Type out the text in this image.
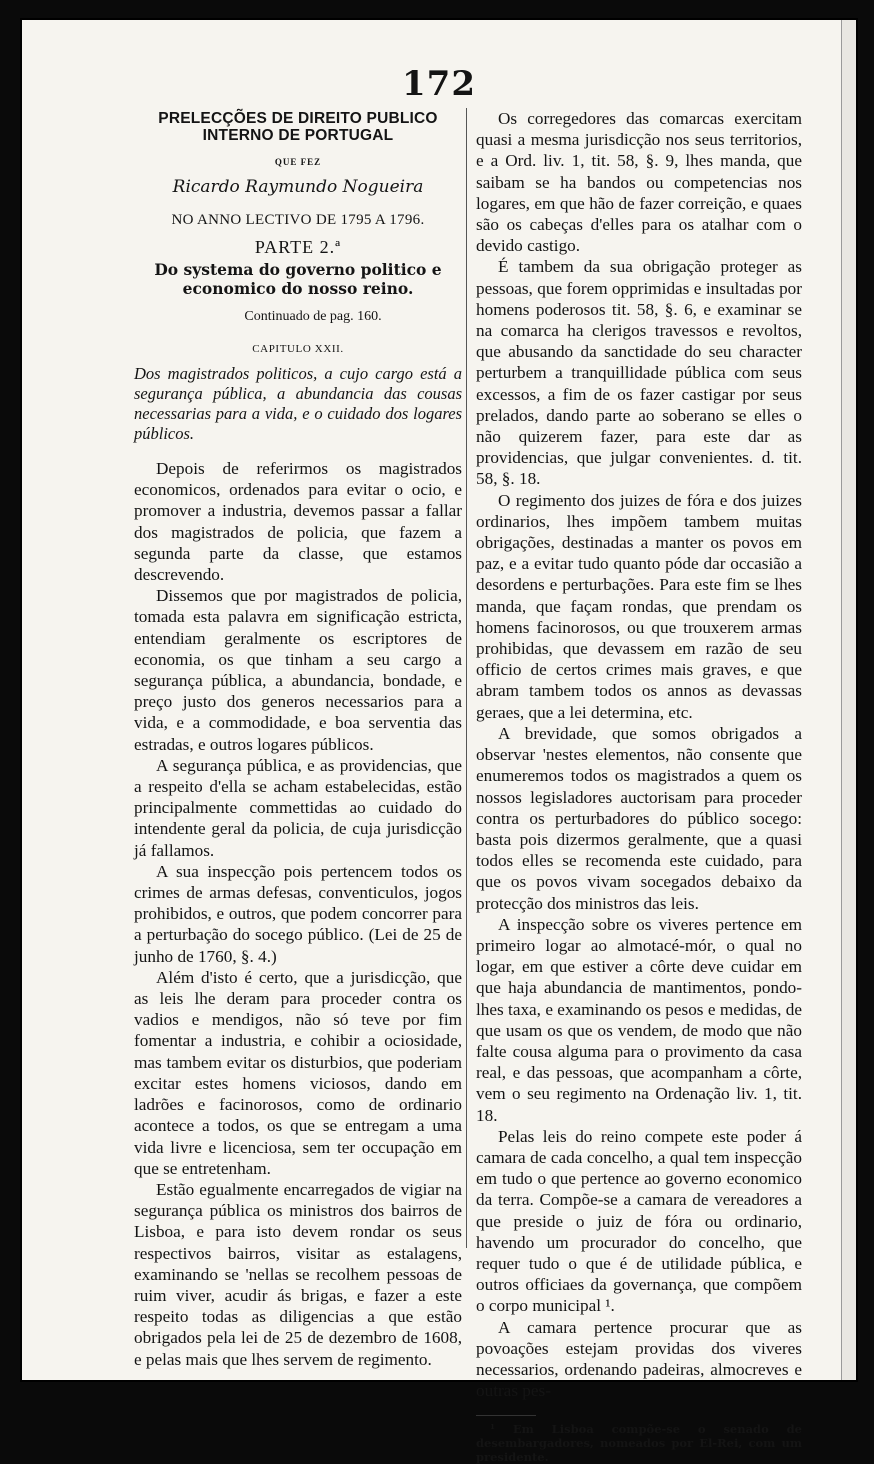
172
PRELECÇÕES DE DIREITO PUBLICO INTERNO DE PORTUGAL
QUE FEZ
Ricardo Raymundo Nogueira
NO ANNO LECTIVO DE 1795 A 1796.
PARTE 2.ª
Do systema do governo politico e economico do nosso reino.
Continuado de pag. 160.
CAPITULO XXII.
Dos magistrados politicos, a cujo cargo está a segurança pública, a abundancia das cousas necessarias para a vida, e o cuidado dos logares públicos.

Depois de referirmos os magistrados economicos, ordenados para evitar o ocio, e promover a industria, devemos passar a fallar dos magistrados de policia, que fazem a segunda parte da classe, que estamos descrevendo.

Dissemos que por magistrados de policia, tomada esta palavra em significação estricta, entendiam geralmente os escriptores de economia, os que tinham a seu cargo a segurança pública, a abundancia, bondade, e preço justo dos generos necessarios para a vida, e a commodidade, e boa serventia das estradas, e outros logares públicos.

A segurança pública, e as providencias, que a respeito d'ella se acham estabelecidas, estão principalmente commettidas ao cuidado do intendente geral da policia, de cuja jurisdicção já fallamos.

A sua inspecção pois pertencem todos os crimes de armas defesas, conventiculos, jogos prohibidos, e outros, que podem concorrer para a perturbação do socego público. (Lei de 25 de junho de 1760, §. 4.)

Além d'isto é certo, que a jurisdicção, que as leis lhe deram para proceder contra os vadios e mendigos, não só teve por fim fomentar a industria, e cohibir a ociosidade, mas tambem evitar os disturbios, que poderiam excitar estes homens viciosos, dando em ladrões e facinorosos, como de ordinario acontece a todos, os que se entregam a uma vida livre e licenciosa, sem ter occupação em que se entretenham.

Estão egualmente encarregados de vigiar na segurança pública os ministros dos bairros de Lisboa, e para isto devem rondar os seus respectivos bairros, visitar as estalagens, examinando se 'nellas se recolhem pessoas de ruim viver, acudir ás brigas, e fazer a este respeito todas as diligencias a que estão obrigados pela lei de 25 de dezembro de 1608, e pelas mais que lhes servem de regimento.

Os corregedores das comarcas exercitam quasi a mesma jurisdicção nos seus territorios, e a Ord. liv. 1, tit. 58, §. 9, lhes manda, que saibam se ha bandos ou competencias nos logares, em que hão de fazer correição, e quaes são os cabeças d'elles para os atalhar com o devido castigo.

É tambem da sua obrigação proteger as pessoas, que forem opprimidas e insultadas por homens poderosos tit. 58, §. 6, e examinar se na comarca ha clerigos travessos e revoltos, que abusando da sanctidade do seu character perturbem a tranquillidade pública com seus excessos, a fim de os fazer castigar por seus prelados, dando parte ao soberano se elles o não quizerem fazer, para este dar as providencias, que julgar convenientes. d. tit. 58, §. 18.

O regimento dos juizes de fóra e dos juizes ordinarios, lhes impõem tambem muitas obrigações, destinadas a manter os povos em paz, e a evitar tudo quanto póde dar occasião a desordens e perturbações. Para este fim se lhes manda, que façam rondas, que prendam os homens facinorosos, ou que trouxerem armas prohibidas, que devassem em razão de seu officio de certos crimes mais graves, e que abram tambem todos os annos as devassas geraes, que a lei determina, etc.

A brevidade, que somos obrigados a observar 'nestes elementos, não consente que enumeremos todos os magistrados a quem os nossos legisladores auctorisam para proceder contra os perturbadores do público socego: basta pois dizermos geralmente, que a quasi todos elles se recomenda este cuidado, para que os povos vivam socegados debaixo da protecção dos ministros das leis.

A inspecção sobre os viveres pertence em primeiro logar ao almotacé-mór, o qual no logar, em que estiver a côrte deve cuidar em que haja abundancia de mantimentos, pondo-lhes taxa, e examinando os pesos e medidas, de que usam os que os vendem, de modo que não falte cousa alguma para o provimento da casa real, e das pessoas, que acompanham a côrte, vem o seu regimento na Ordenação liv. 1, tit. 18.

Pelas leis do reino compete este poder á camara de cada concelho, a qual tem inspecção em tudo o que pertence ao governo economico da terra. Compõe-se a camara de vereadores a que preside o juiz de fóra ou ordinario, havendo um procurador do concelho, que requer tudo o que é de utilidade pública, e outros officiaes da governança, que compõem o corpo municipal ¹.

A camara pertence procurar que as povoações estejam providas dos viveres necessarios, ordenando padeiras, almocreves e outras pes-

¹ Em Lisboa compõe-se o senado de desembargadores, nomeados por El-Rei, com um presidente.
